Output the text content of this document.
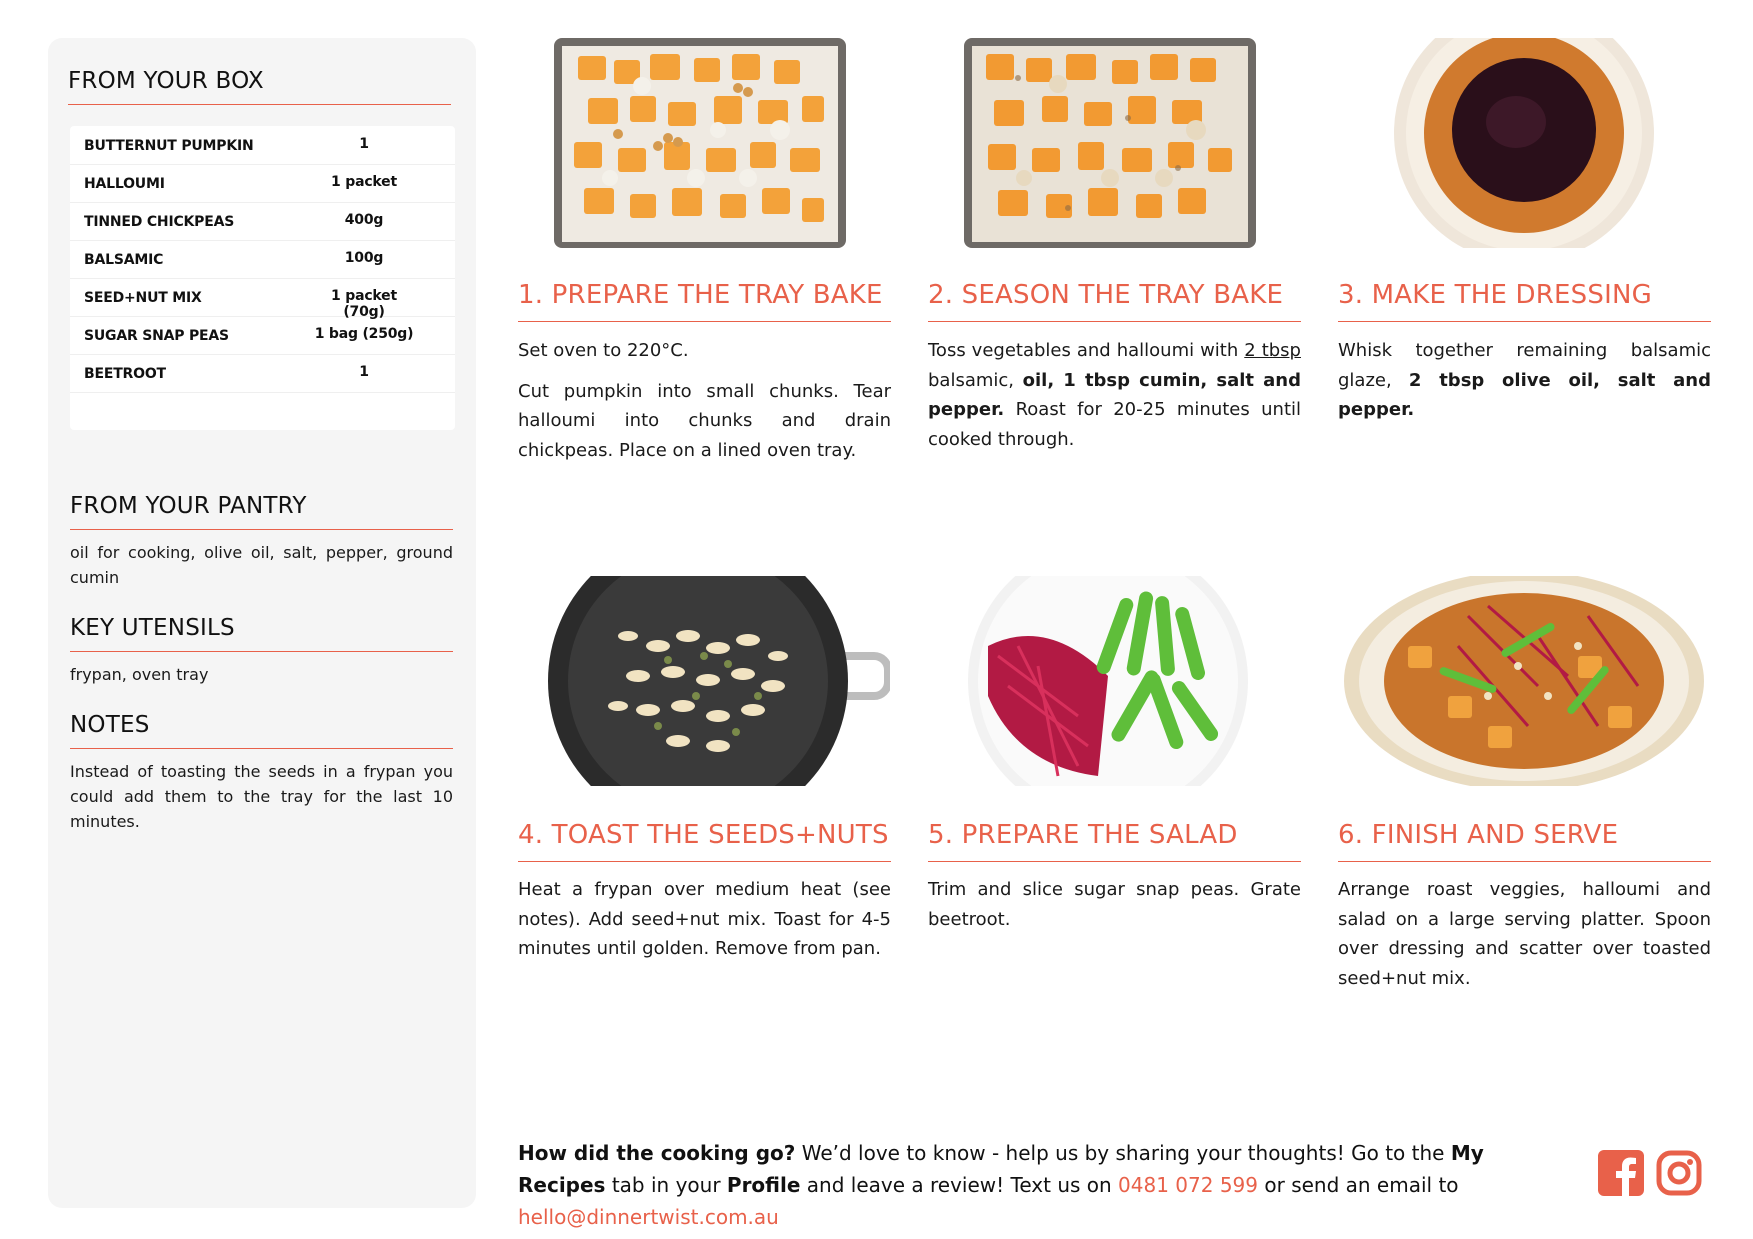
FROM YOUR BOX
BUTTERNUT PUMPKIN	1
HALLOUMI	1 packet
TINNED CHICKPEAS	400g
BALSAMIC	100g
SEED+NUT MIX	1 packet (70g)
SUGAR SNAP PEAS	1 bag (250g)
BEETROOT	1
FROM YOUR PANTRY
oil for cooking, olive oil, salt, pepper, ground cumin
KEY UTENSILS
frypan, oven tray
NOTES
Instead of toasting the seeds in a frypan you could add them to the tray for the last 10 minutes.
1. PREPARE THE TRAY BAKE 2. SEASON THE TRAY BAKE 3. MAKE THE DRESSING

Set oven to 220°C.

Cut pumpkin into small chunks. Tear halloumi into chunks and drain chickpeas. Place on a lined oven tray.

Toss vegetables and halloumi with 2 tbsp balsamic, oil, 1 tbsp cumin, salt and pepper. Roast for 20-25 minutes until cooked through.
Whisk together remaining balsamic glaze, 2 tbsp olive oil, salt and pepper.
4. TOAST THE SEEDS+NUTS 5. PREPARE THE SALAD	6. FINISH AND SERVE
Heat a frypan over medium heat (see notes). Add seed+nut mix. Toast for 4-5 minutes until golden. Remove from pan.
Trim and slice sugar snap peas. Grate beetroot.
Arrange roast veggies, halloumi and salad on a large serving platter. Spoon over dressing and scatter over toasted seed+nut mix.
How did the cooking go? We’d love to know - help us by sharing your thoughts! Go to the My Recipes tab in your Profile and leave a review! Text us on 0481 072 599 or send an email to hello@dinnertwist.com.au
